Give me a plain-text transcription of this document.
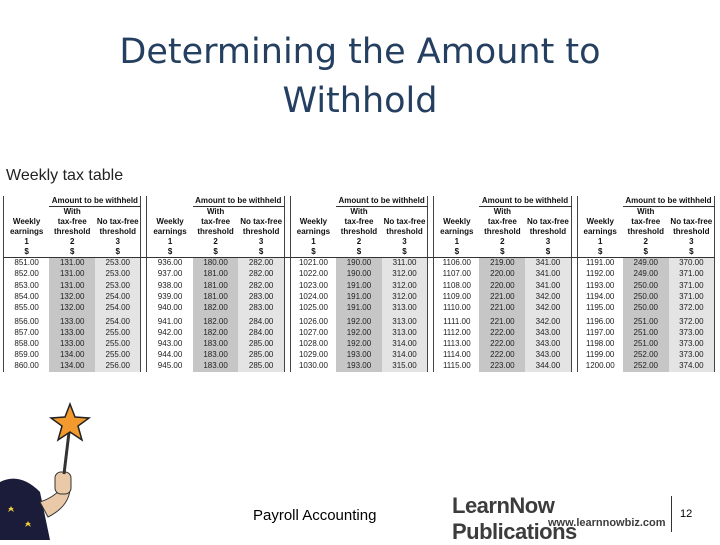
Determining the Amount to
Withhold
Weekly tax table
	Amount to be withheld				Amount to be withheld				Amount to be withheld				Amount to be withheld				Amount to be withheld	
	With				With				With				With				With	
Weekly	tax-free	No tax-free		Weekly	tax-free	No tax-free		Weekly	tax-free	No tax-free		Weekly	tax-free	No tax-free		Weekly	tax-free	No tax-free
earnings	threshold	threshold		earnings	threshold	threshold		earnings	threshold	threshold		earnings	threshold	threshold		earnings	threshold	threshold
1	2	3		1	2	3		1	2	3		1	2	3		1	2	3
$	$	$		$	$	$		$	$	$		$	$	$		$	$	$
851.00	131.00	253.00		936.00	180.00	282.00		1021.00	190.00	311.00		1106.00	219.00	341.00		1191.00	249.00	370.00
852.00	131.00	253.00		937.00	181.00	282.00		1022.00	190.00	312.00		1107.00	220.00	341.00		1192.00	249.00	371.00
853.00	131.00	253.00		938.00	181.00	282.00		1023.00	191.00	312.00		1108.00	220.00	341.00		1193.00	250.00	371.00
854.00	132.00	254.00		939.00	181.00	283.00		1024.00	191.00	312.00		1109.00	221.00	342.00		1194.00	250.00	371.00
855.00	132.00	254.00		940.00	182.00	283.00		1025.00	191.00	313.00		1110.00	221.00	342.00		1195.00	250.00	372.00

856.00	133.00	254.00		941.00	182.00	284.00		1026.00	192.00	313.00		1111.00	221.00	342.00		1196.00	251.00	372.00
857.00	133.00	255.00		942.00	182.00	284.00		1027.00	192.00	313.00		1112.00	222.00	343.00		1197.00	251.00	373.00
858.00	133.00	255.00		943.00	183.00	285.00		1028.00	192.00	314.00		1113.00	222.00	343.00		1198.00	251.00	373.00
859.00	134.00	255.00		944.00	183.00	285.00		1029.00	193.00	314.00		1114.00	222.00	343.00		1199.00	252.00	373.00
860.00	134.00	256.00		945.00	183.00	285.00		1030.00	193.00	315.00		1115.00	223.00	344.00		1200.00	252.00	374.00
Payroll Accounting	LearnNow Publications
www.learnnowbiz.com
12
